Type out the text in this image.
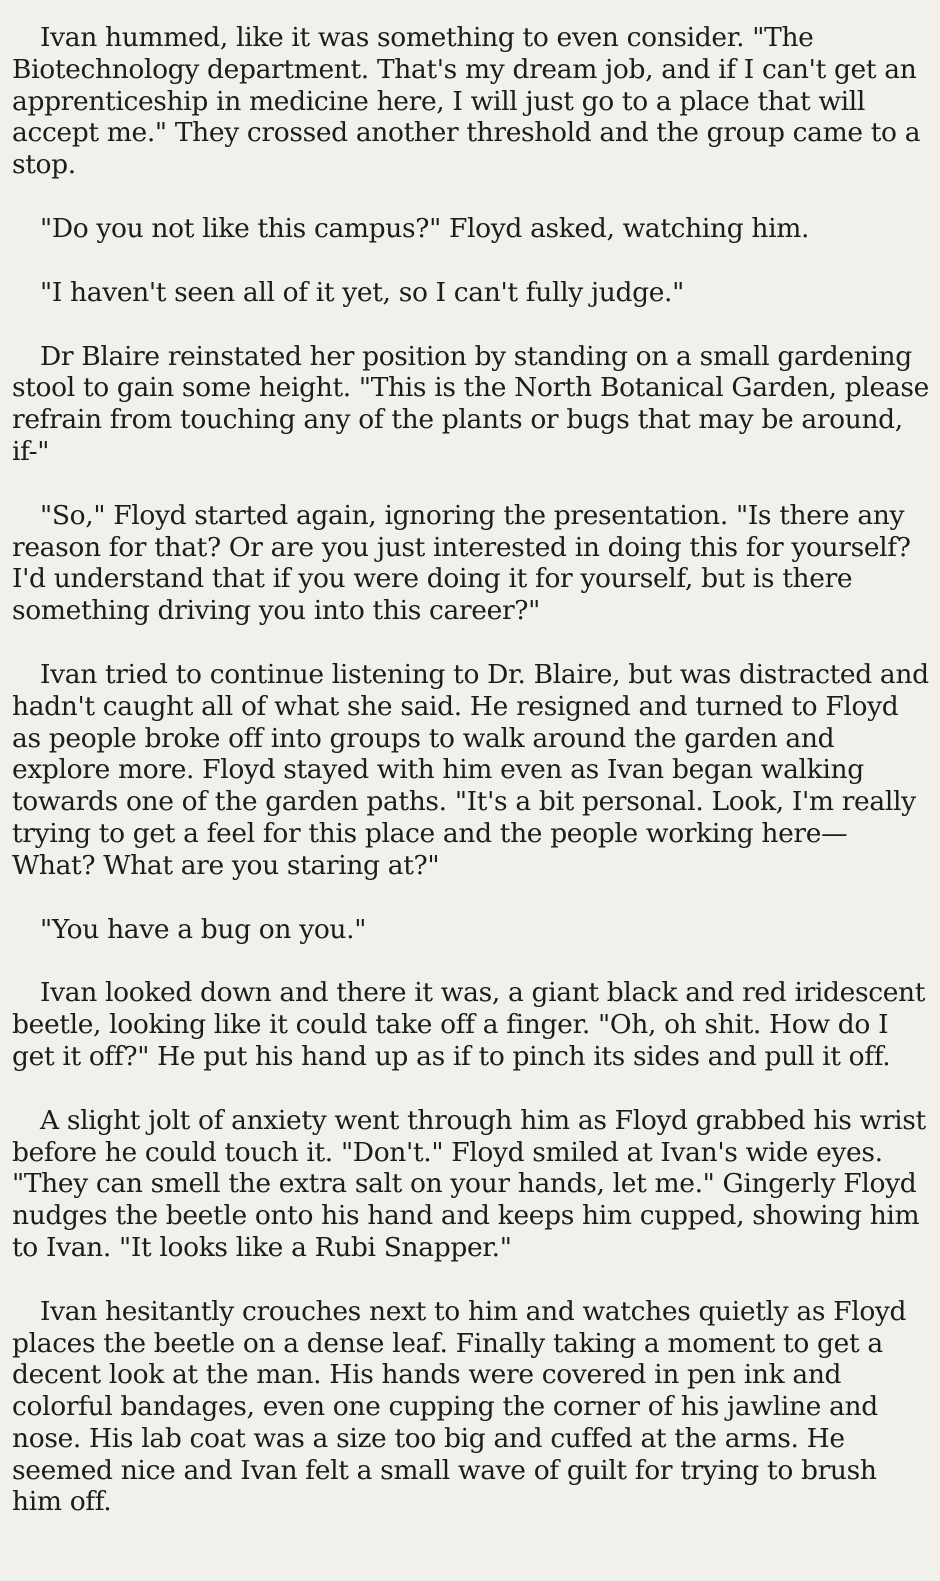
Ivan hummed, like it was something to even consider. "The Biotechnology department. That's my dream job, and if I can't get an apprenticeship in medicine here, I will just go to a place that will accept me." They crossed another threshold and the group came to a stop.

"Do you not like this campus?" Floyd asked, watching him.

"I haven't seen all of it yet, so I can't fully judge."

Dr Blaire reinstated her position by standing on a small gardening stool to gain some height. "This is the North Botanical Garden, please refrain from touching any of the plants or bugs that may be around, if-"

"So," Floyd started again, ignoring the presentation. "Is there any reason for that? Or are you just interested in doing this for yourself? I'd understand that if you were doing it for yourself, but is there something driving you into this career?"

Ivan tried to continue listening to Dr. Blaire, but was distracted and hadn't caught all of what she said. He resigned and turned to Floyd as people broke off into groups to walk around the garden and explore more. Floyd stayed with him even as Ivan began walking towards one of the garden paths. "It's a bit personal. Look, I'm really trying to get a feel for this place and the people working here— What? What are you staring at?"

"You have a bug on you."

Ivan looked down and there it was, a giant black and red iridescent beetle, looking like it could take off a finger. "Oh, oh shit. How do I get it off?" He put his hand up as if to pinch its sides and pull it off.

A slight jolt of anxiety went through him as Floyd grabbed his wrist before he could touch it. "Don't." Floyd smiled at Ivan's wide eyes. "They can smell the extra salt on your hands, let me." Gingerly Floyd nudges the beetle onto his hand and keeps him cupped, showing him to Ivan. "It looks like a Rubi Snapper."

Ivan hesitantly crouches next to him and watches quietly as Floyd places the beetle on a dense leaf. Finally taking a moment to get a decent look at the man. His hands were covered in pen ink and colorful bandages, even one cupping the corner of his jawline and nose. His lab coat was a size too big and cuffed at the arms. He seemed nice and Ivan felt a small wave of guilt for trying to brush him off.
